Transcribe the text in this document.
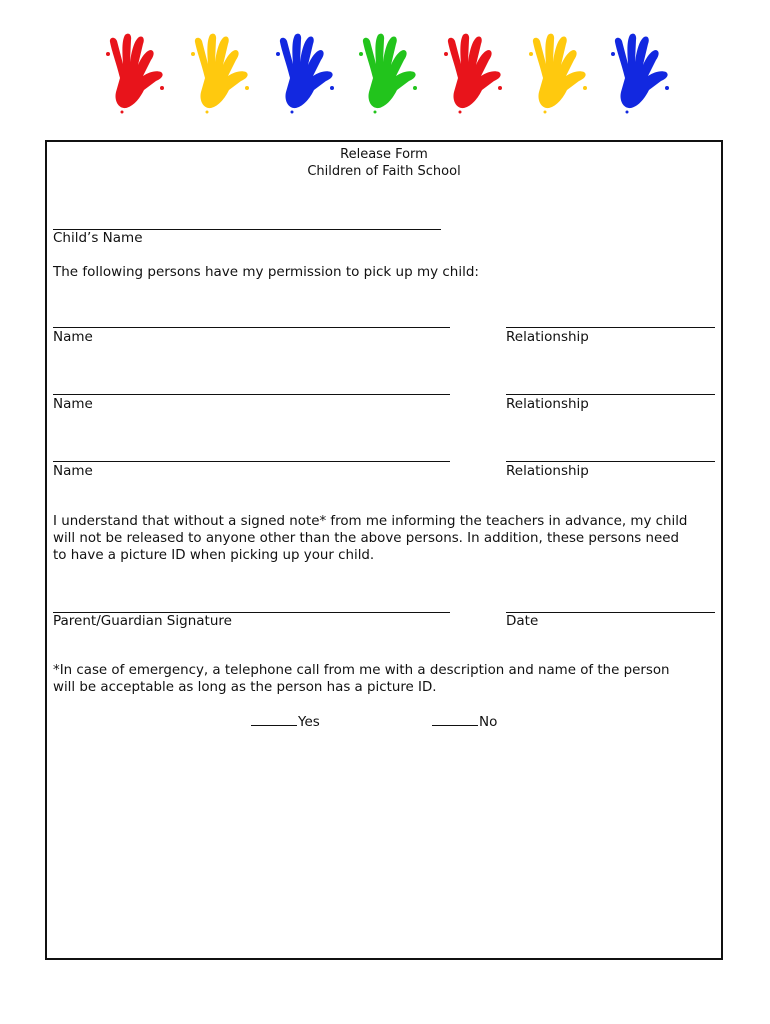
Release Form
Children of Faith School
Child’s Name
The following persons have my permission to pick up my child:
Name	Relationship
Name	Relationship
Name	Relationship
I understand that without a signed note* from me informing the teachers in advance, my child
will not be released to anyone other than the above persons. In addition, these persons need
to have a picture ID when picking up your child.
Parent/Guardian Signature	Date
*In case of emergency, a telephone call from me with a description and name of the person
will be acceptable as long as the person has a picture ID.
Yes	No
